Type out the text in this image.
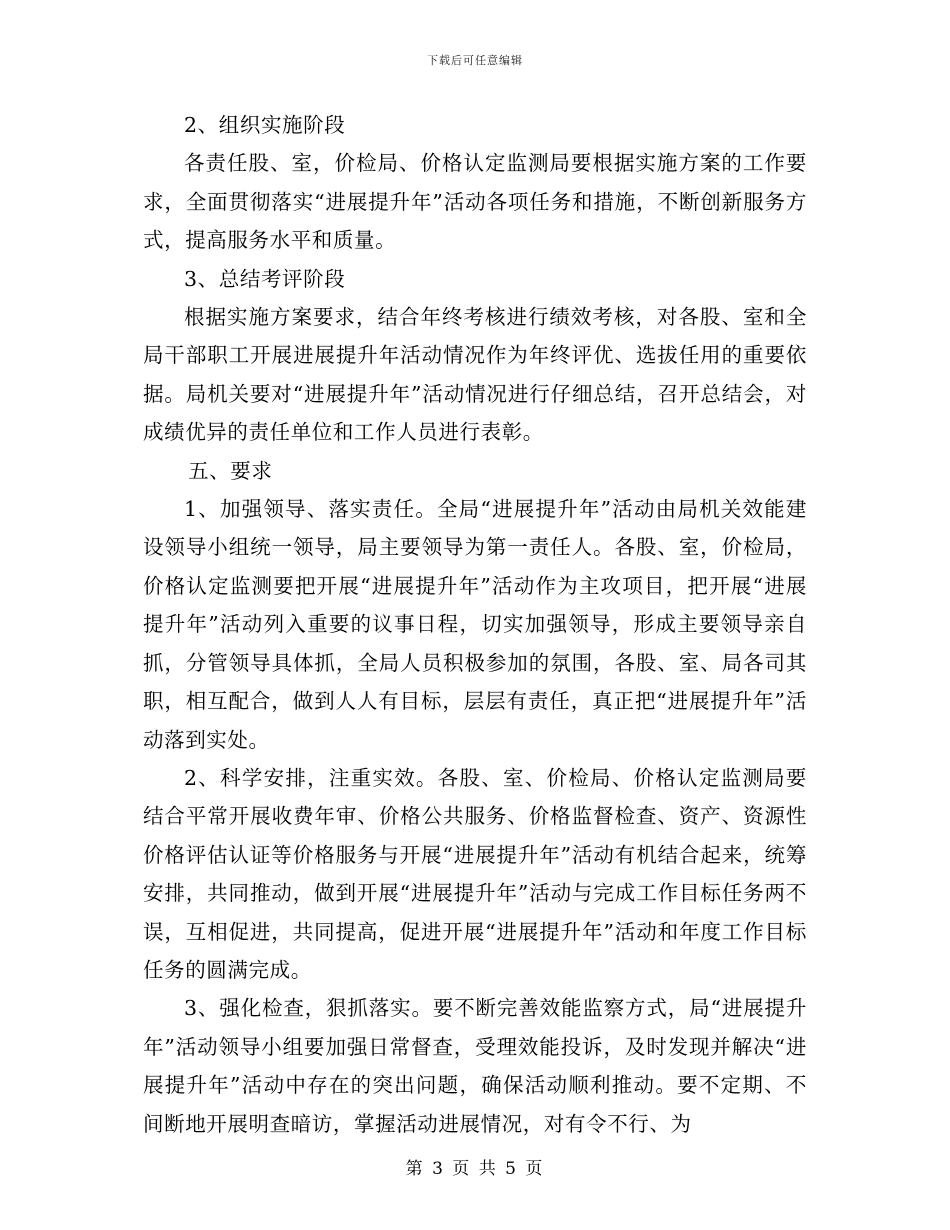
下载后可任意编辑

2、组织实施阶段

各责任股、室，价检局、价格认定监测局要根据实施方案的工作要求，全面贯彻落实“进展提升年”活动各项任务和措施，不断创新服务方式，提高服务水平和质量。

3、总结考评阶段

根据实施方案要求，结合年终考核进行绩效考核，对各股、室和全局干部职工开展进展提升年活动情况作为年终评优、选拔任用的重要依据。局机关要对“进展提升年”活动情况进行仔细总结，召开总结会，对成绩优异的责任单位和工作人员进行表彰。

五、要求

1、加强领导、落实责任。全局“进展提升年”活动由局机关效能建设领导小组统一领导，局主要领导为第一责任人。各股、室，价检局，价格认定监测要把开展“进展提升年”活动作为主攻项目，把开展“进展提升年”活动列入重要的议事日程，切实加强领导，形成主要领导亲自抓，分管领导具体抓，全局人员积极参加的氛围，各股、室、局各司其职，相互配合，做到人人有目标，层层有责任，真正把“进展提升年”活动落到实处。

2、科学安排，注重实效。各股、室、价检局、价格认定监测局要结合平常开展收费年审、价格公共服务、价格监督检查、资产、资源性价格评估认证等价格服务与开展“进展提升年”活动有机结合起来，统筹安排，共同推动，做到开展“进展提升年”活动与完成工作目标任务两不误，互相促进，共同提高，促进开展“进展提升年”活动和年度工作目标任务的圆满完成。

3、强化检查，狠抓落实。要不断完善效能监察方式，局“进展提升年”活动领导小组要加强日常督查，受理效能投诉，及时发现并解决“进展提升年”活动中存在的突出问题，确保活动顺利推动。要不定期、不间断地开展明查暗访，掌握活动进展情况，对有令不行、为

第 3 页 共 5 页
